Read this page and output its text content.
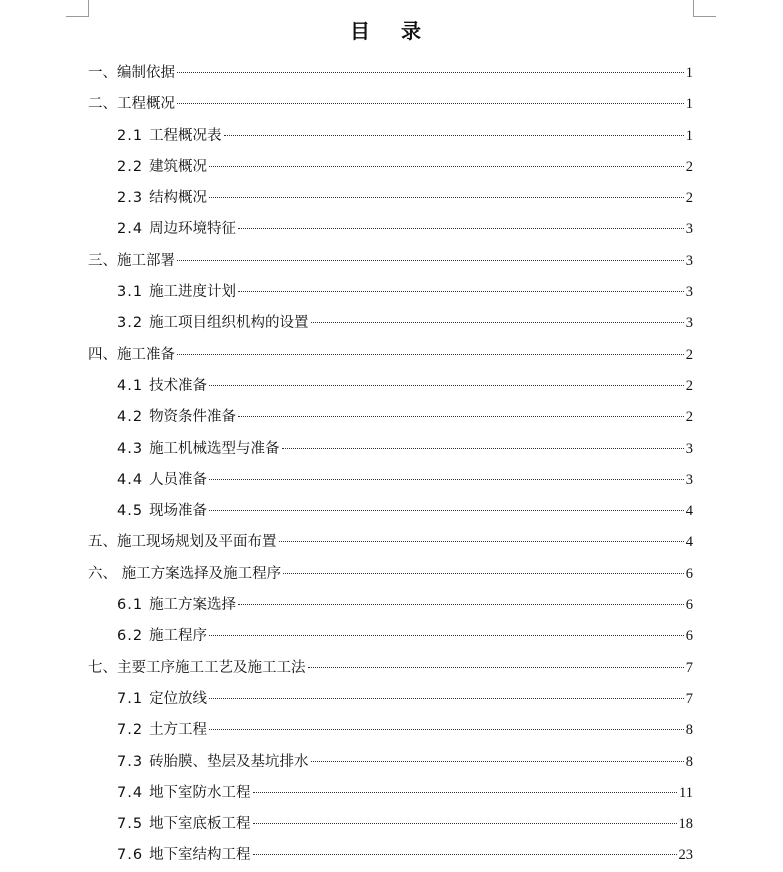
目 录
一、编制依据	1
二、工程概况	1
2.1 工程概况表	1
2.2 建筑概况	2
2.3 结构概况	2
2.4 周边环境特征	3
三、施工部署	3
3.1 施工进度计划	3
3.2 施工项目组织机构的设置	3
四、施工准备	2
4.1 技术准备	2
4.2 物资条件准备	2
4.3 施工机械选型与准备	3
4.4 人员准备	3
4.5 现场准备	4
五、施工现场规划及平面布置	4
六、 施工方案选择及施工程序	6
6.1 施工方案选择	6
6.2 施工程序	6
七、主要工序施工工艺及施工工法	7
7.1 定位放线	7
7.2 土方工程	8
7.3 砖胎膜、垫层及基坑排水	8
7.4 地下室防水工程	11
7.5 地下室底板工程	18
7.6 地下室结构工程	23
